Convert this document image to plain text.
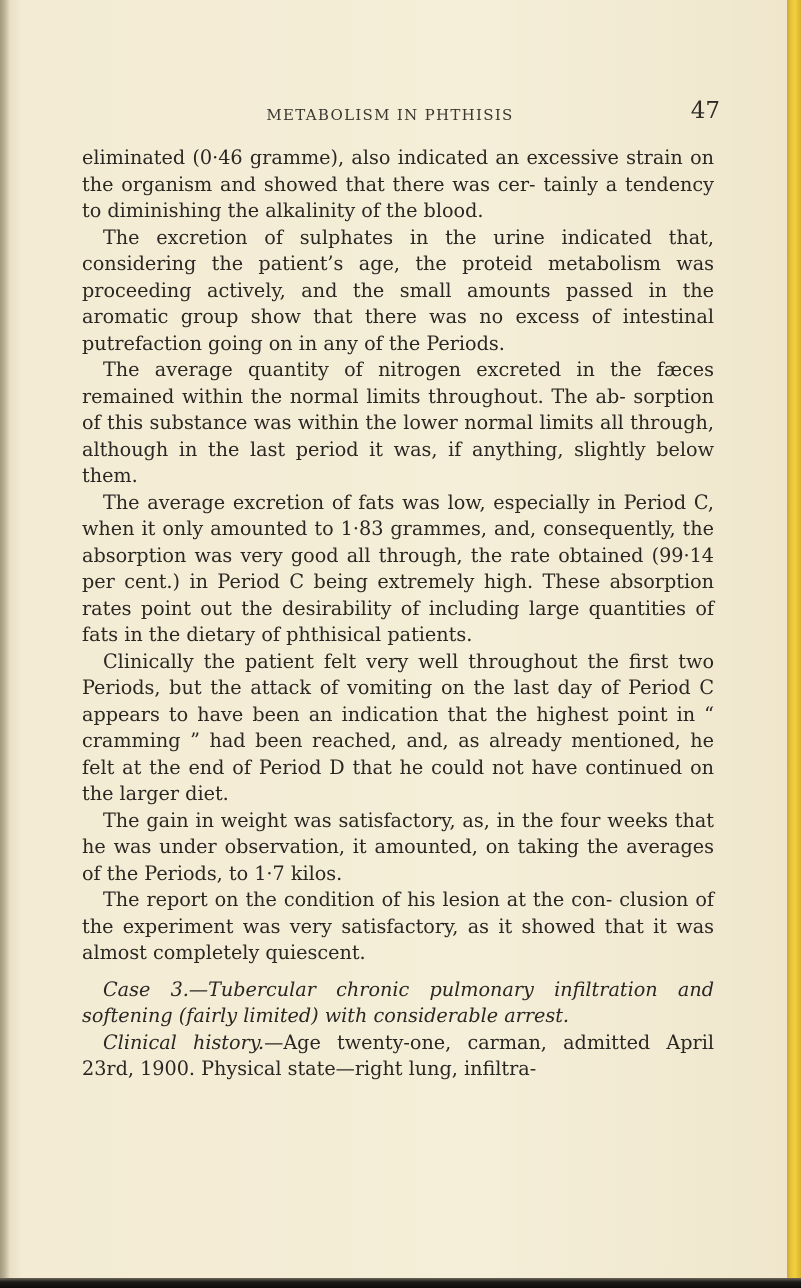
METABOLISM IN PHTHISIS	47

eliminated (0·46 gramme), also indicated an excessive strain on the organism and showed that there was cer- tainly a tendency to diminishing the alkalinity of the blood.

The excretion of sulphates in the urine indicated that, considering the patient’s age, the proteid metabolism was proceeding actively, and the small amounts passed in the aromatic group show that there was no excess of intestinal putrefaction going on in any of the Periods.

The average quantity of nitrogen excreted in the fæces remained within the normal limits throughout. The ab- sorption of this substance was within the lower normal limits all through, although in the last period it was, if anything, slightly below them.

The average excretion of fats was low, especially in Period C, when it only amounted to 1·83 grammes, and, consequently, the absorption was very good all through, the rate obtained (99·14 per cent.) in Period C being extremely high. These absorption rates point out the desirability of including large quantities of fats in the dietary of phthisical patients.

Clinically the patient felt very well throughout the first two Periods, but the attack of vomiting on the last day of Period C appears to have been an indication that the highest point in “ cramming ” had been reached, and, as already mentioned, he felt at the end of Period D that he could not have continued on the larger diet.

The gain in weight was satisfactory, as, in the four weeks that he was under observation, it amounted, on taking the averages of the Periods, to 1·7 kilos.

The report on the condition of his lesion at the con- clusion of the experiment was very satisfactory, as it showed that it was almost completely quiescent.

Case 3.—Tubercular chronic pulmonary infiltration and softening (fairly limited) with considerable arrest.

Clinical history.—Age twenty-one, carman, admitted April 23rd, 1900. Physical state—right lung, infiltra-
